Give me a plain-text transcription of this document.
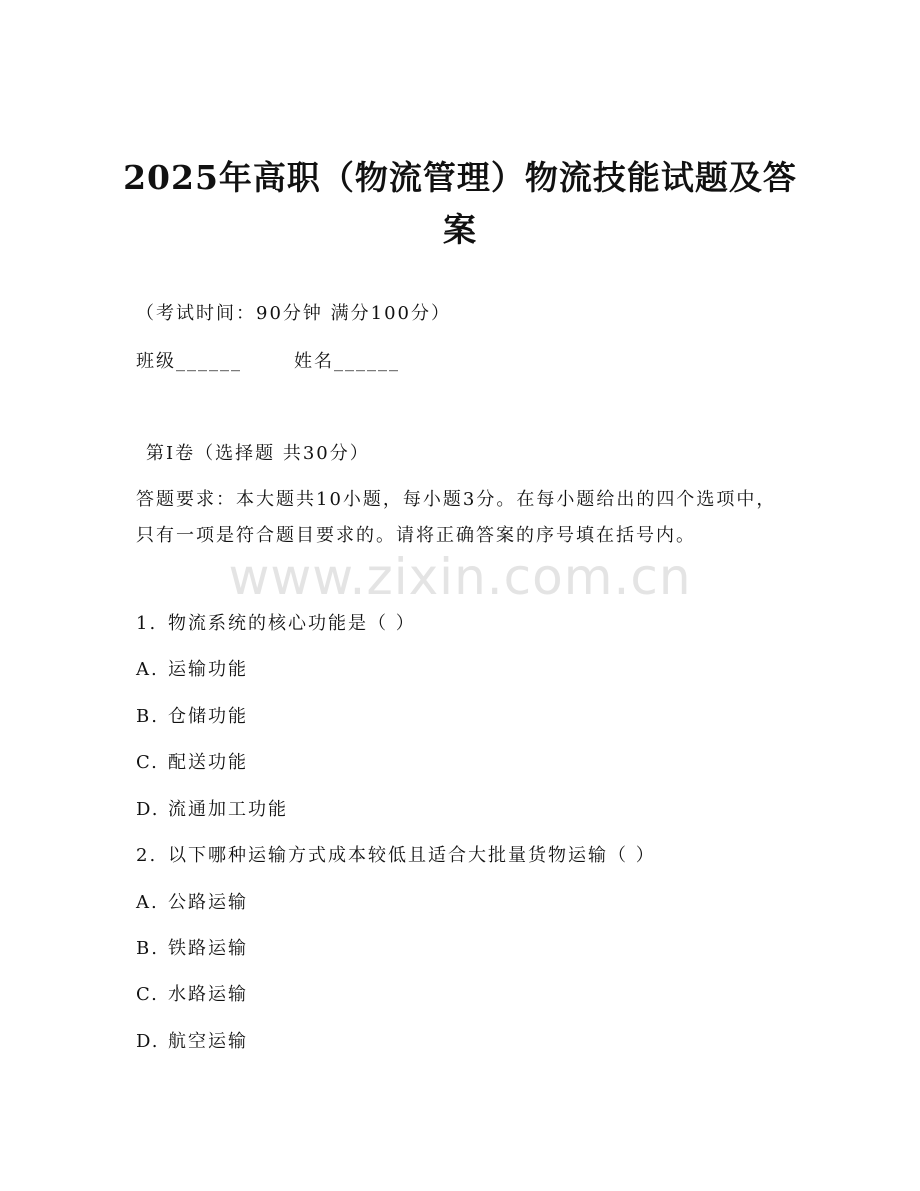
2025年高职（物流管理）物流技能试题及答案
（考试时间：90分钟 满分100分）
班级______	姓名______
第I卷（选择题 共30分）
答题要求：本大题共10小题，每小题3分。在每小题给出的四个选项中，只有一项是符合题目要求的。请将正确答案的序号填在括号内。
www.zixin.com.cn
1. 物流系统的核心功能是（ ）
A. 运输功能
B. 仓储功能
C. 配送功能
D. 流通加工功能
2. 以下哪种运输方式成本较低且适合大批量货物运输（ ）
A. 公路运输
B. 铁路运输
C. 水路运输
D. 航空运输
